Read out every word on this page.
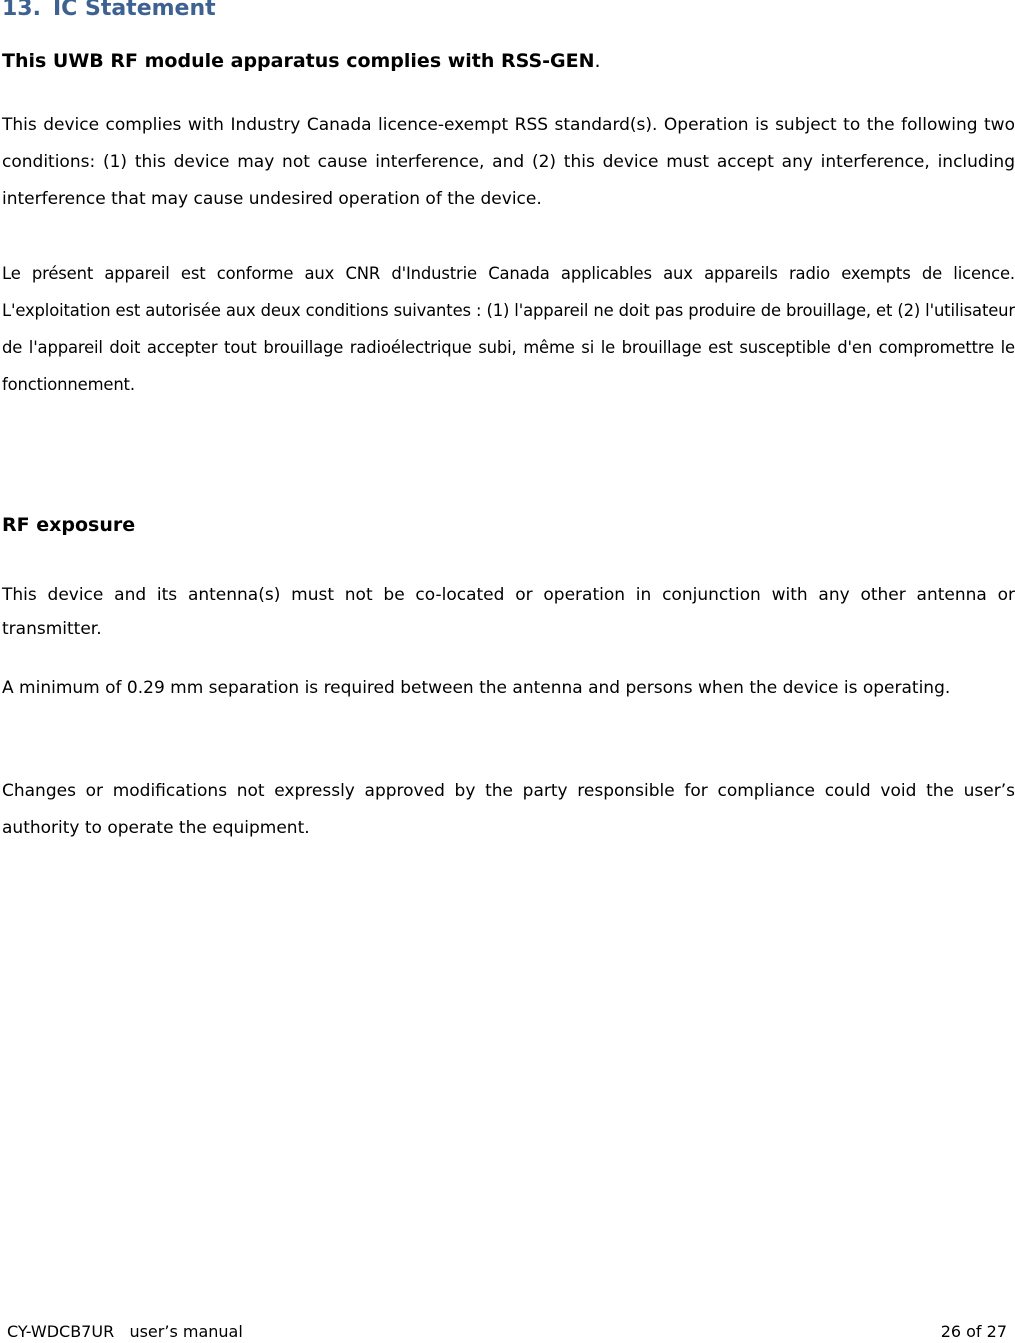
13. IC Statement

This UWB RF module apparatus complies with RSS-GEN.

This device complies with Industry Canada licence-exempt RSS standard(s). Operation is subject to the following two conditions: (1) this device may not cause interference, and (2) this device must accept any interference, including interference that may cause undesired operation of the device.

Le présent appareil est conforme aux CNR d'Industrie Canada applicables aux appareils radio exempts de licence. L'exploitation est autorisée aux deux conditions suivantes : (1) l'appareil ne doit pas produire de brouillage, et (2) l'utilisateur de l'appareil doit accepter tout brouillage radioélectrique subi, même si le brouillage est susceptible d'en compromettre le fonctionnement.

RF exposure

This device and its antenna(s) must not be co-located or operation in conjunction with any other antenna or transmitter.

A minimum of 0.29 mm separation is required between the antenna and persons when the device is operating.

Changes or modifications not expressly approved by the party responsible for compliance could void the user’s authority to operate the equipment.

CY-WDCB7UR user’s manual	26 of 27
